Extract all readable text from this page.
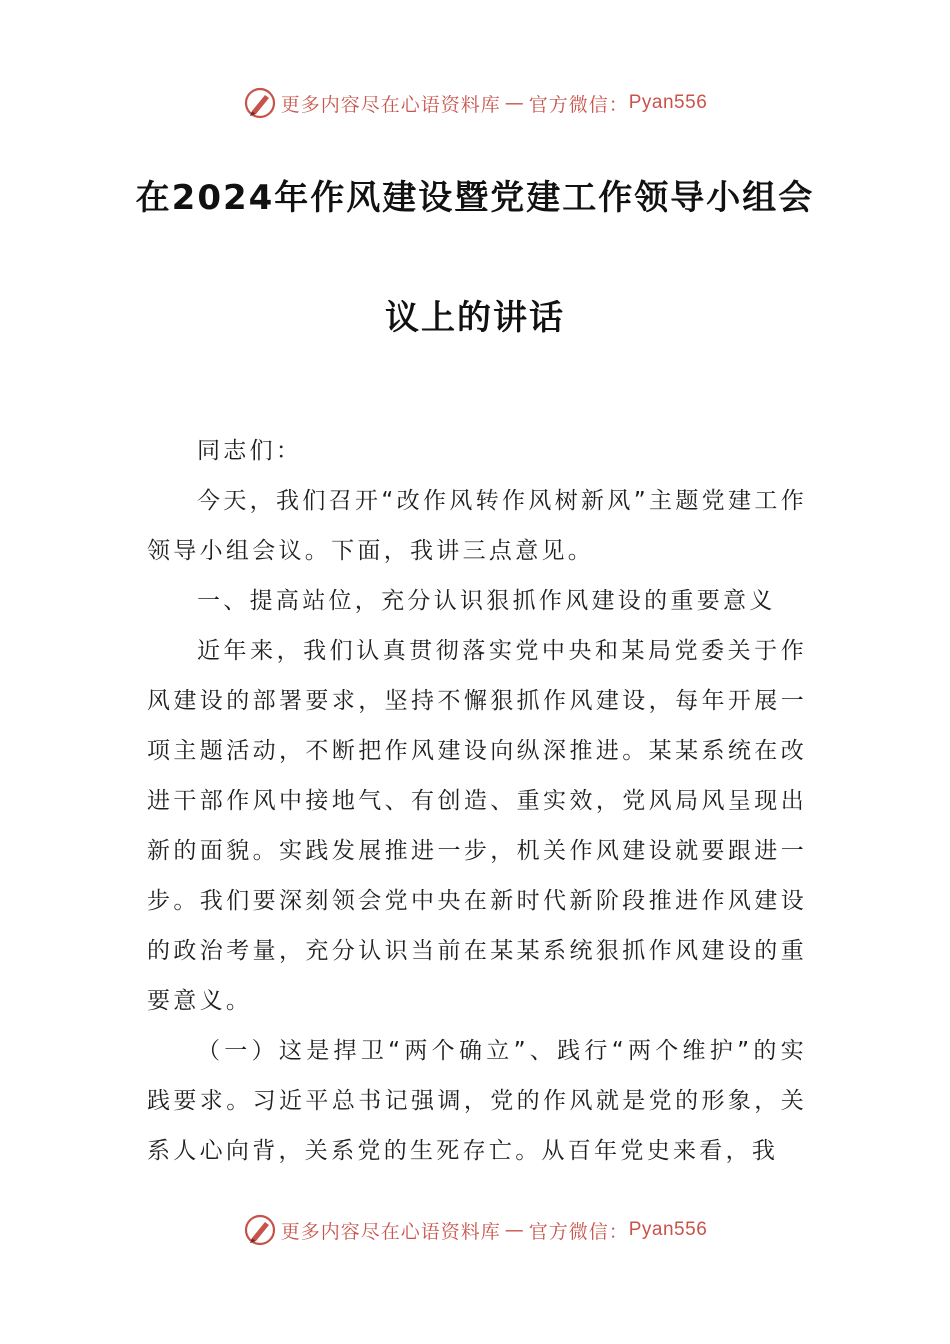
更多内容尽在心语资料库 — 官方微信： Pyan556
在2024年作风建设暨党建工作领导小组会
议上的讲话

同志们：

今天，我们召开“改作风转作风树新风”主题党建工作领导小组会议。下面，我讲三点意见。

一、提高站位，充分认识狠抓作风建设的重要意义

近年来，我们认真贯彻落实党中央和某局党委关于作风建设的部署要求，坚持不懈狠抓作风建设，每年开展一项主题活动，不断把作风建设向纵深推进。某某系统在改进干部作风中接地气、有创造、重实效，党风局风呈现出新的面貌。实践发展推进一步，机关作风建设就要跟进一步。我们要深刻领会党中央在新时代新阶段推进作风建设的政治考量，充分认识当前在某某系统狠抓作风建设的重要意义。

（一）这是捍卫“两个确立”、践行“两个维护”的实践要求。习近平总书记强调，党的作风就是党的形象，关系人心向背，关系党的生死存亡。从百年党史来看，我

更多内容尽在心语资料库 — 官方微信： Pyan556
